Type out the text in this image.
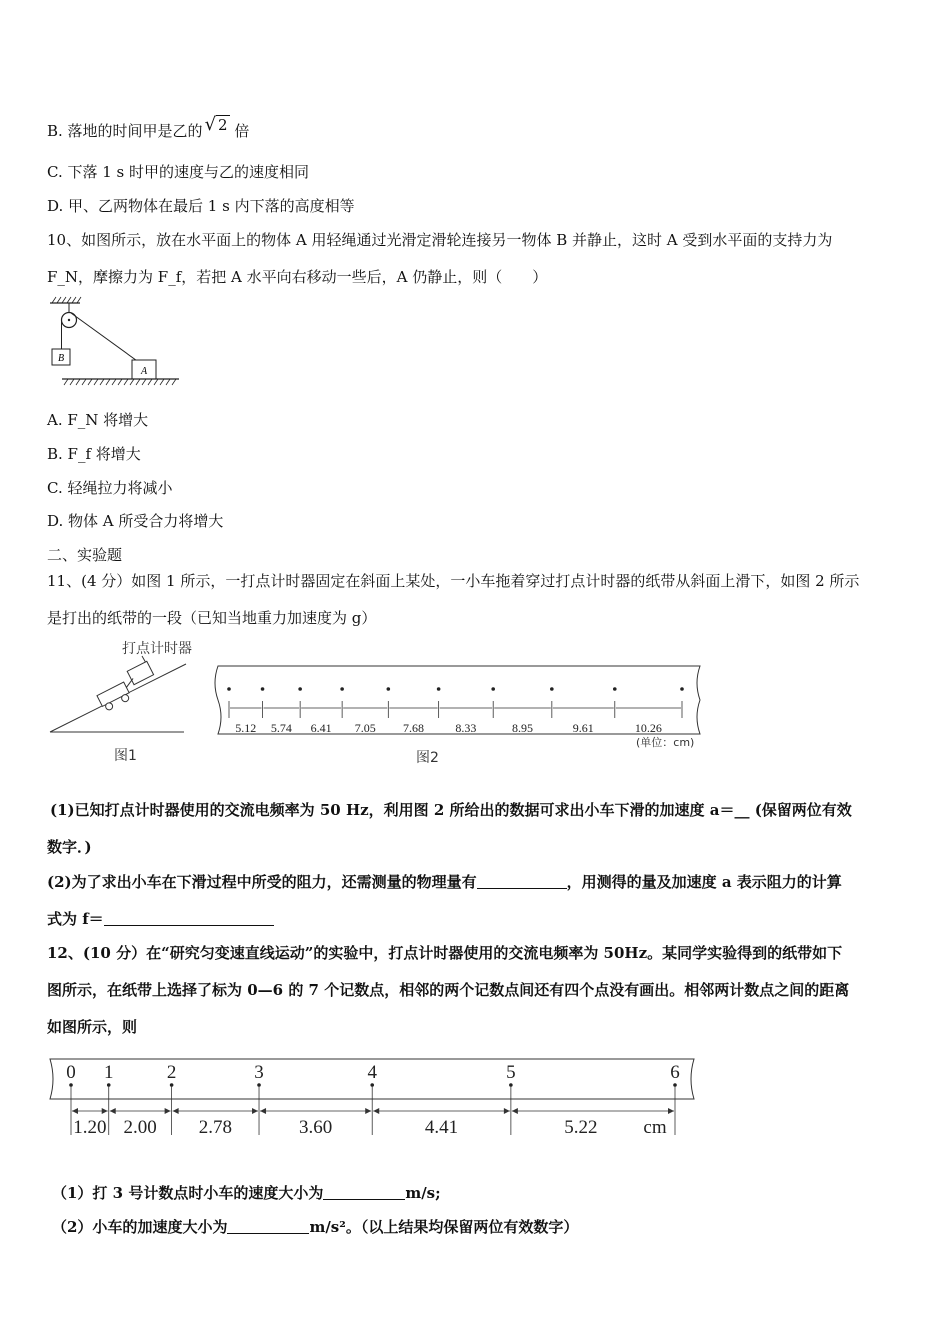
B. 落地的时间甲是乙的 √ 2 倍
C. 下落 1 s 时甲的速度与乙的速度相同
D. 甲、乙两物体在最后 1 s 内下落的高度相等
10、如图所示，放在水平面上的物体 A 用轻绳通过光滑定滑轮连接另一物体 B 并静止，这时 A 受到水平面的支持力为
F_N，摩擦力为 F_f，若把 A 水平向右移动一些后，A 仍静止，则（　　）
B
A
A. F_N 将增大
B. F_f 将增大
C. 轻绳拉力将减小
D. 物体 A 所受合力将增大
二、实验题
11、(4 分）如图 1 所示，一打点计时器固定在斜面上某处，一小车拖着穿过打点计时器的纸带从斜面上滑下，如图 2 所示
是打出的纸带的一段（已知当地重力加速度为 g）
打点计时器
图1
5.12 5.74 6.41 7.05 7.68	8.33	8.95	9.61	10.26
(单位：cm)
图2
(1)已知打点计时器使用的交流电频率为 50 Hz，利用图 2 所给出的数据可求出小车下滑的加速度 a＝__ (保留两位有效
数字．)
(2)为了求出小车在下滑过程中所受的阻力，还需测量的物理量有	，用测得的量及加速度 a 表示阻力的计算
式为 f＝
12、(10 分）在“研究匀变速直线运动”的实验中，打点计时器使用的交流电频率为 50Hz。某同学实验得到的纸带如下
图所示，在纸带上选择了标为 0—6 的 7 个记数点，相邻的两个记数点间还有四个点没有画出。相邻两计数点之间的距离
如图所示，则
0 1	2	3	4	5	6
1.20 2.00 2.78	3.60	4.41	5.22 cm
（1）打 3 号计数点时小车的速度大小为	m/s;
（2）小车的加速度大小为	m/s²。（以上结果均保留两位有效数字）
